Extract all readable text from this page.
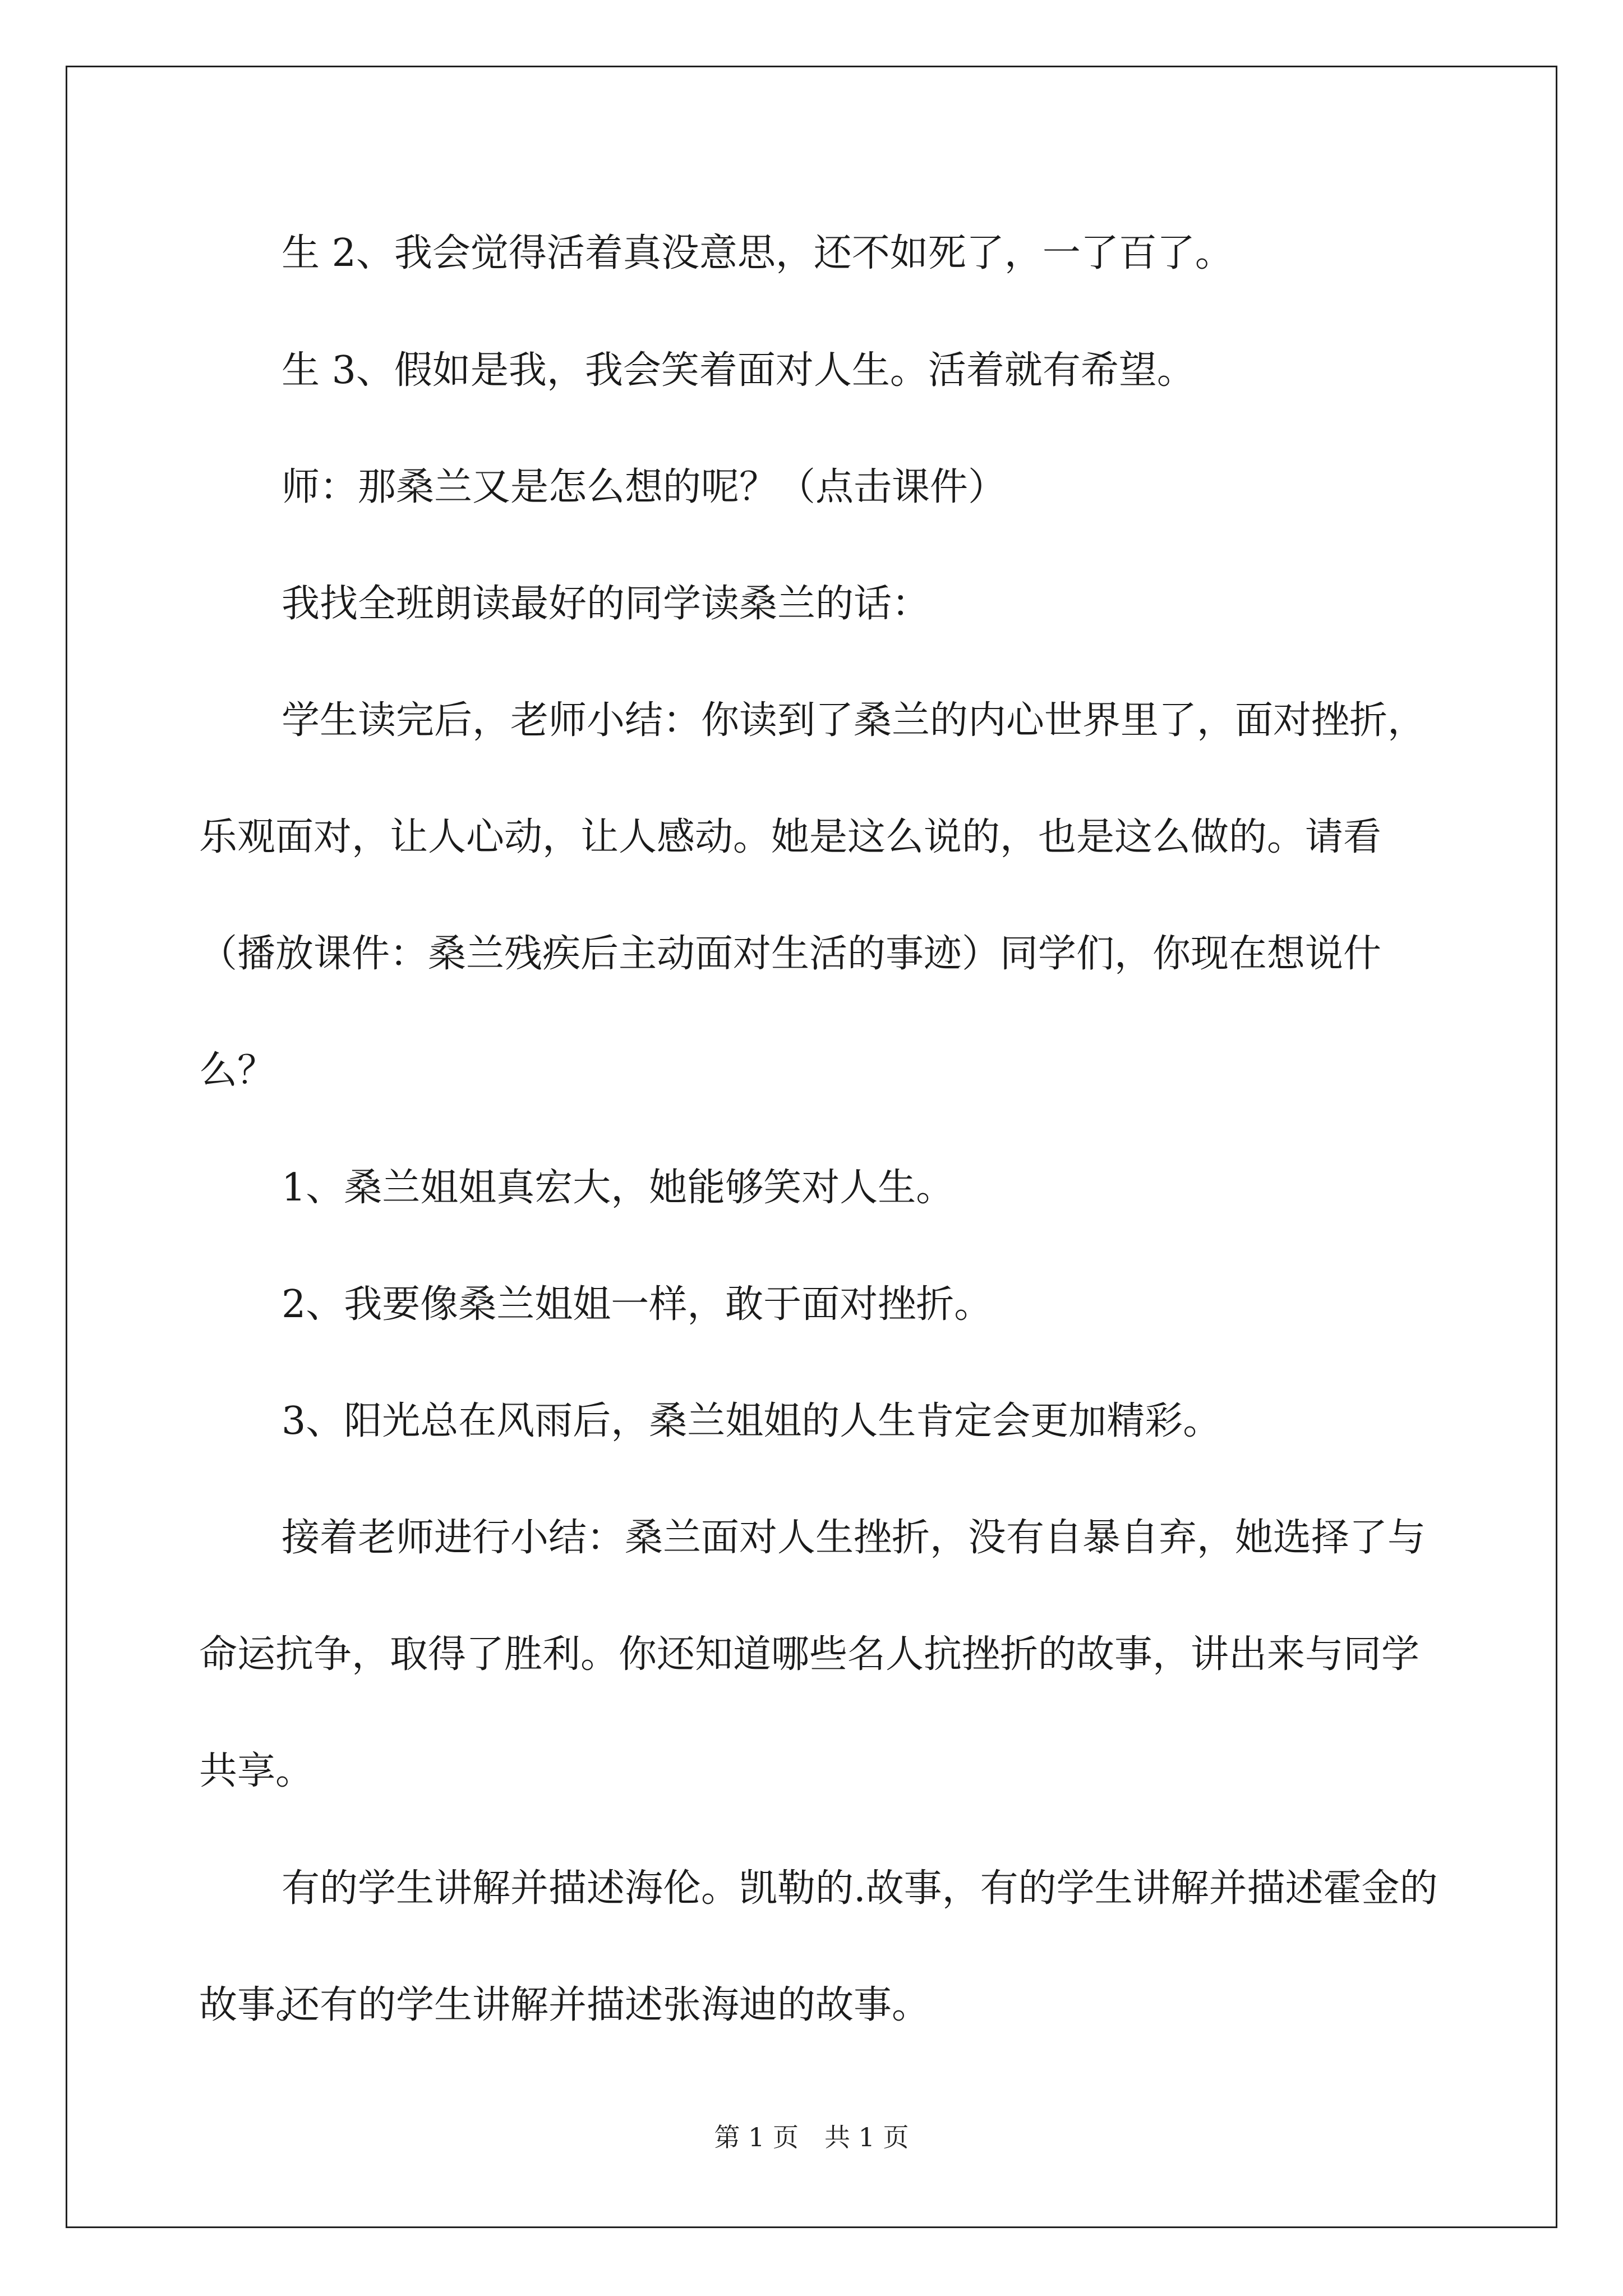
生 2、我会觉得活着真没意思，还不如死了，一了百了。

生 3、假如是我，我会笑着面对人生。活着就有希望。

师：那桑兰又是怎么想的呢？（点击课件）

我找全班朗读最好的同学读桑兰的话：

学生读完后，老师小结：你读到了桑兰的内心世界里了，面对挫折，乐观面对，让人心动，让人感动。她是这么说的，也是这么做的。请看（播放课件：桑兰残疾后主动面对生活的事迹）同学们，你现在想说什么？

1、桑兰姐姐真宏大，她能够笑对人生。

2、我要像桑兰姐姐一样，敢于面对挫折。

3、阳光总在风雨后，桑兰姐姐的人生肯定会更加精彩。

接着老师进行小结：桑兰面对人生挫折，没有自暴自弃，她选择了与命运抗争，取得了胜利。你还知道哪些名人抗挫折的故事，讲出来与同学共享。

有的学生讲解并描述海伦。凯勒的.故事，有的学生讲解并描述霍金的故事。

还有的学生讲解并描述张海迪的故事。

第 1 页　共 1 页
